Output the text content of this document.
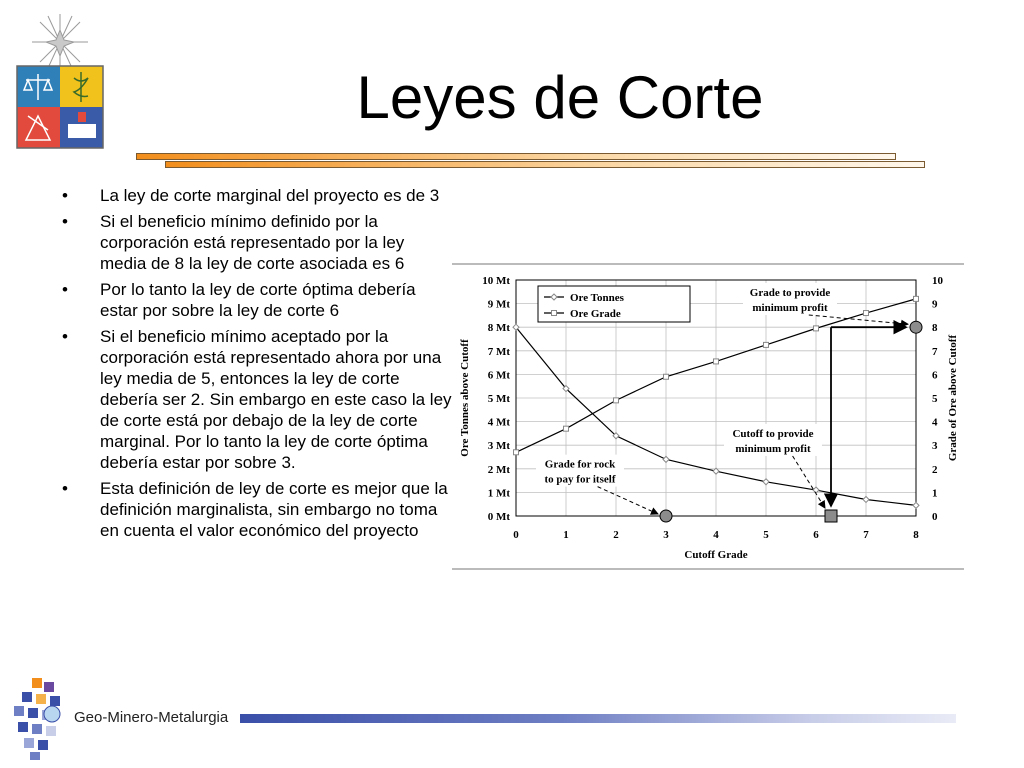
Leyes de Corte
• La ley de corte marginal del proyecto es de 3
• Si el beneficio mínimo definido por la corporación está representado por la ley media de 8 la ley de corte asociada es 6
• Por lo tanto la ley de corte óptima debería estar por sobre la ley de corte 6
• Si el beneficio mínimo aceptado por la corporación está representado ahora por una ley media de 5, entonces la ley de corte debería ser 2. Sin embargo en este caso la ley de corte está por debajo de la ley de corte marginal. Por lo tanto la ley de corte óptima debería estar por sobre 3.
• Esta definición de ley de corte es mejor que la definición marginalista, sin embargo no toma en cuenta el valor económico del proyecto
0 Mt
1 Mt
2 Mt
3 Mt
4 Mt
5 Mt
6 Mt
7 Mt
8 Mt
9 Mt
10 Mt
0
1
2
3
4
5
6
7
8
9
10
0	1	2	3	4	5	6	7	8
Cutoff Grade
Ore Tonnes above Cutoff	Grade of Ore above Cutoff
Ore Tonnes
Ore Grade
Grade to provide
minimum profit
Cutoff to provide
minimum profit
Grade for rock
to pay for itself
Geo-Minero-Metalurgia
